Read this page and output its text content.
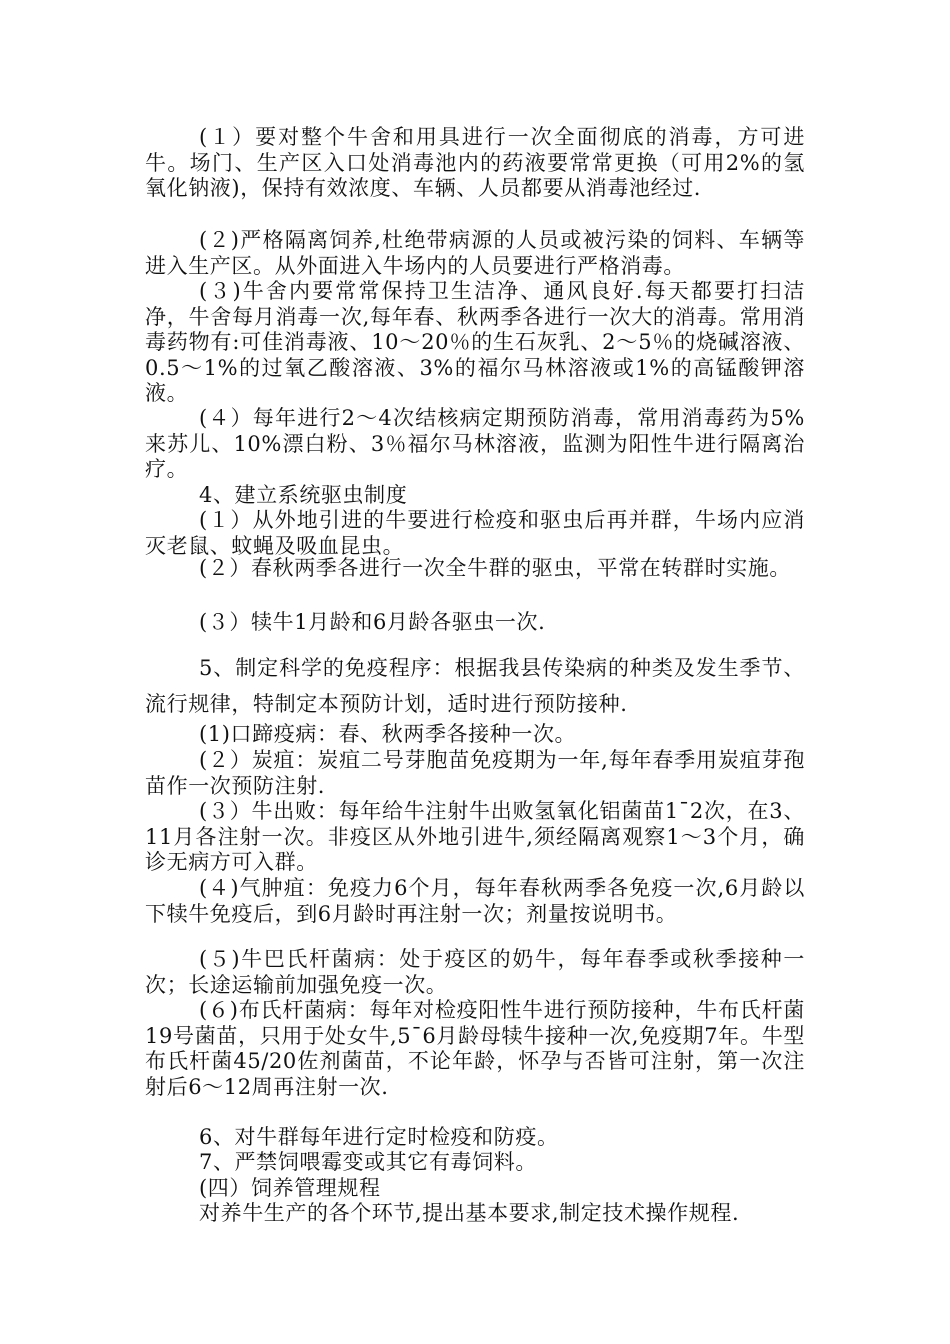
(１）要对整个牛舍和用具进行一次全面彻底的消毒，方可进牛。场门、生产区入口处消毒池内的药液要常常更换（可用2%的氢氧化钠液)，保持有效浓度、车辆、人员都要从消毒池经过.

(２)严格隔离饲养,杜绝带病源的人员或被污染的饲料、车辆等进入生产区。从外面进入牛场内的人员要进行严格消毒。

(３)牛舍内要常常保持卫生洁净、通风良好.每天都要打扫洁净，牛舍每月消毒一次,每年春、秋两季各进行一次大的消毒。常用消毒药物有:可佳消毒液、10～20％的生石灰乳、2～5％的烧碱溶液、0.5～1%的过氧乙酸溶液、3%的福尔马林溶液或1%的高锰酸钾溶液。

(４）每年进行2～4次结核病定期预防消毒，常用消毒药为5%来苏儿、10%漂白粉、3％福尔马林溶液，监测为阳性牛进行隔离治疗。

4、建立系统驱虫制度

(１）从外地引进的牛要进行检疫和驱虫后再并群，牛场内应消灭老鼠、蚊蝇及吸血昆虫。

(２）春秋两季各进行一次全牛群的驱虫，平常在转群时实施。

(３）犊牛1月龄和6月龄各驱虫一次.

5、制定科学的免疫程序：根据我县传染病的种类及发生季节、流行规律，特制定本预防计划，适时进行预防接种.

(1)口蹄疫病：春、秋两季各接种一次。

(２）炭疽：炭疽二号芽胞苗免疫期为一年,每年春季用炭疽芽孢苗作一次预防注射.

(３）牛出败：每年给牛注射牛出败氢氧化铝菌苗1¯2次，在3、11月各注射一次。非疫区从外地引进牛,须经隔离观察1～3个月，确诊无病方可入群。

(４)气肿疽：免疫力6个月，每年春秋两季各免疫一次,6月龄以下犊牛免疫后，到6月龄时再注射一次；剂量按说明书。

(５)牛巴氏杆菌病：处于疫区的奶牛，每年春季或秋季接种一次；长途运输前加强免疫一次。

(６)布氏杆菌病：每年对检疫阳性牛进行预防接种，牛布氏杆菌19号菌苗，只用于处女牛,5¯6月龄母犊牛接种一次,免疫期7年。牛型布氏杆菌45/20佐剂菌苗，不论年龄，怀孕与否皆可注射，第一次注射后6～12周再注射一次.

6、对牛群每年进行定时检疫和防疫。

7、严禁饲喂霉变或其它有毒饲料。

(四）饲养管理规程

对养牛生产的各个环节,提出基本要求,制定技术操作规程.
